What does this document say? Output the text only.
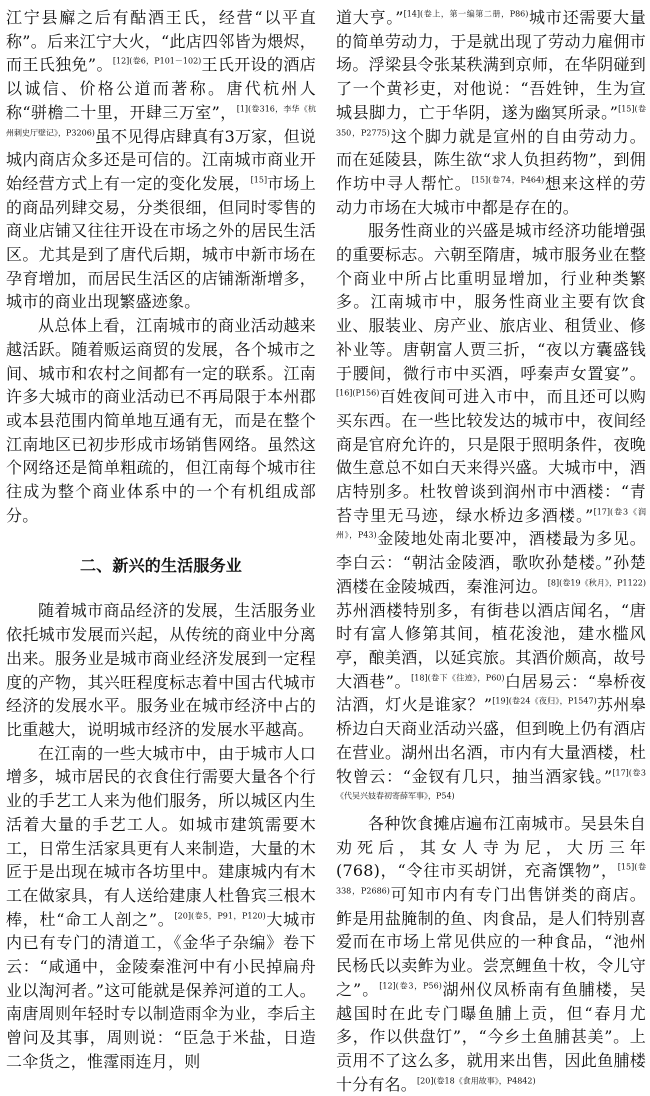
江宁县廨之后有酤酒王氏，经营“以平直称”。后来江宁大火，“此店四邻皆为煨烬，而王氏独免”。$^{[12](卷6,P101-102)}$王氏开设的酒店以诚信、价格公道而著称。唐代杭州人称“骈檐二十里，开肆三万室”，$^{[1](卷316,李华《杭州刺史厅壁记》,P3206)}$虽不见得店肆真有3万家，但说城内商店众多还是可信的。江南城市商业开始经营方式上有一定的变化发展，[15]市场上的商品列肆交易，分类很细，但同时零售的商业店铺又往往开设在市场之外的居民生活区。尤其是到了唐代后期，城市中新市场在孕育增加，而居民生活区的店铺渐渐增多，城市的商业出现繁盛迹象。

从总体上看，江南城市的商业活动越来越活跃。随着贩运商贸的发展，各个城市之间、城市和农村之间都有一定的联系。江南许多大城市的商业活动已不再局限于本州郡或本县范围内简单地互通有无，而是在整个江南地区已初步形成市场销售网络。虽然这个网络还是简单粗疏的，但江南每个城市往往成为整个商业体系中的一个有机组成部分。

二、新兴的生活服务业

随着城市商品经济的发展，生活服务业依托城市发展而兴起，从传统的商业中分离出来。服务业是城市商业经济发展到一定程度的产物，其兴旺程度标志着中国古代城市经济的发展水平。服务业在城市经济中占的比重越大，说明城市经济的发展水平越高。

在江南的一些大城市中，由于城市人口增多，城市居民的衣食住行需要大量各个行业的手艺工人来为他们服务，所以城区内生活着大量的手艺工人。如城市建筑需要木工，日常生活家具更有人来制造，大量的木匠于是出现在城市各坊里中。建康城内有木工在做家具，有人送给建康人杜鲁宾三根木棒，杜“命工人剖之”。$^{[20](卷5,P91,P120)}$大城市内已有专门的清道工，《金华子杂编》卷下云：“咸通中，金陵秦淮河中有小民掉扁舟业以淘河者。”这可能就是保养河道的工人。南唐周则年轻时专以制造雨伞为业，李后主曾问及其事，周则说：“臣急于米盐，日造二伞货之，惟霪雨连月，则

道大亨。”$^{[14](卷上,第一编第二册,P86)}$城市还需要大量的简单劳动力，于是就出现了劳动力雇佣市场。浮梁县令张某秩满到京师，在华阴碰到了一个黄衫吏，对他说：“吾姓钟，生为宣城县脚力，亡于华阴，遂为幽冥所录。”$^{[15](卷350,P2775)}$这个脚力就是宣州的自由劳动力。而在延陵县，陈生欲“求人负担药物”，到佣作坊中寻人帮忙。$^{[15](卷74,P464)}$想来这样的劳动力市场在大城市中都是存在的。

服务性商业的兴盛是城市经济功能增强的重要标志。六朝至隋唐，城市服务业在整个商业中所占比重明显增加，行业种类繁多。江南城市中，服务性商业主要有饮食业、服装业、房产业、旅店业、租赁业、修补业等。唐朝富人贾三折，“夜以方囊盛钱于腰间，微行市中买酒，呼秦声女置宴”。$^{[16](P156)}$百姓夜间可进入市中，而且还可以购买东西。在一些比较发达的城市中，夜间经商是官府允许的，只是限于照明条件，夜晚做生意总不如白天来得兴盛。大城市中，酒店特别多。杜牧曾谈到润州市中酒楼：“青苔寺里无马迹，绿水桥边多酒楼。”$^{[17](卷3《润州》,P43)}$金陵地处南北要冲，酒楼最为多见。李白云：“朝沽金陵酒，歌吹孙楚楼。”孙楚酒楼在金陵城西，秦淮河边。$^{[8](卷19《秋月》,P1122)}$苏州酒楼特别多，有街巷以酒店闻名，“唐时有富人修第其间，植花浚池，建水槛风亭，酿美酒，以延宾旅。其酒价颇高，故号大酒巷”。$^{[18](卷下《往迹》,P60)}$白居易云：“皋桥夜沽酒，灯火是谁家？”$^{[19](卷24《夜归》,P1547)}$苏州皋桥边白天商业活动兴盛，但到晚上仍有酒店在营业。湖州出名酒，市内有大量酒楼，杜牧曾云：“金钗有几只，抽当酒家钱。”$^{[17](卷3《代吴兴妓春初寄薛军事》,P54)}$

各种饮食摊店遍布江南城市。吴县朱自劝死后，其女人寺为尼，大历三年(768)，“令往市买胡饼，充斋馔物”，$^{[15](卷338,P2686)}$可知市内有专门出售饼类的商店。鲊是用盐腌制的鱼、肉食品，是人们特别喜爱而在市场上常见供应的一种食品，“池州民杨氏以卖鲊为业。尝烹鲤鱼十枚，令儿守之”。$^{[12](卷3,P56)}$湖州仪凤桥南有鱼脯楼，吴越国时在此专门曝鱼脯上贡，但“春月尤多，作以供盘饤”，“今乡土鱼脯甚美”。上贡用不了这么多，就用来出售，因此鱼脯楼十分有名。$^{[20](卷18《食用故事》,P4842)}$
